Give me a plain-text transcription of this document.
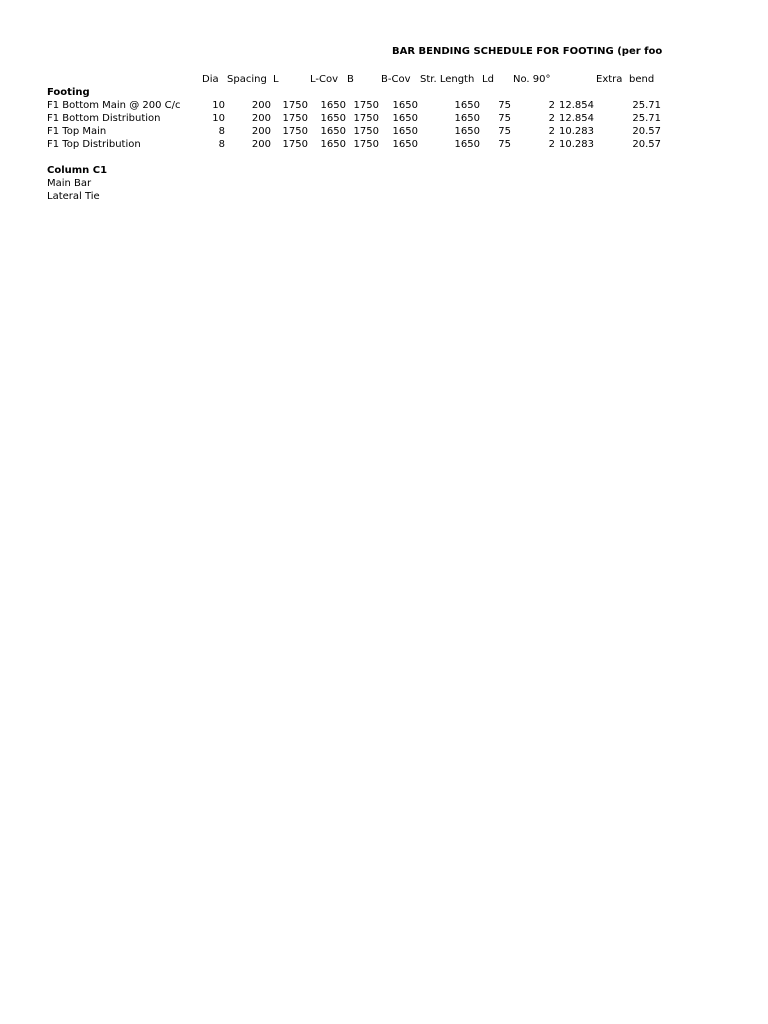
BAR BENDING SCHEDULE FOR FOOTING (per foo
Dia Spacing L	L-Cov B	B-Cov Str. Length Ld No. 90°	Extra bend
Footing
F1 Bottom Main @ 200 C/c	10	200	1750	1650 1750	1650	1650	75	2 12.854	25.71
F1 Bottom Distribution	10	200	1750	1650 1750	1650	1650	75	2 12.854	25.71
F1 Top Main	8	200	1750	1650 1750	1650	1650	75	2 10.283	20.57
F1 Top Distribution	8	200	1750	1650 1750	1650	1650	75	2 10.283	20.57
Column C1
Main Bar
Lateral Tie
